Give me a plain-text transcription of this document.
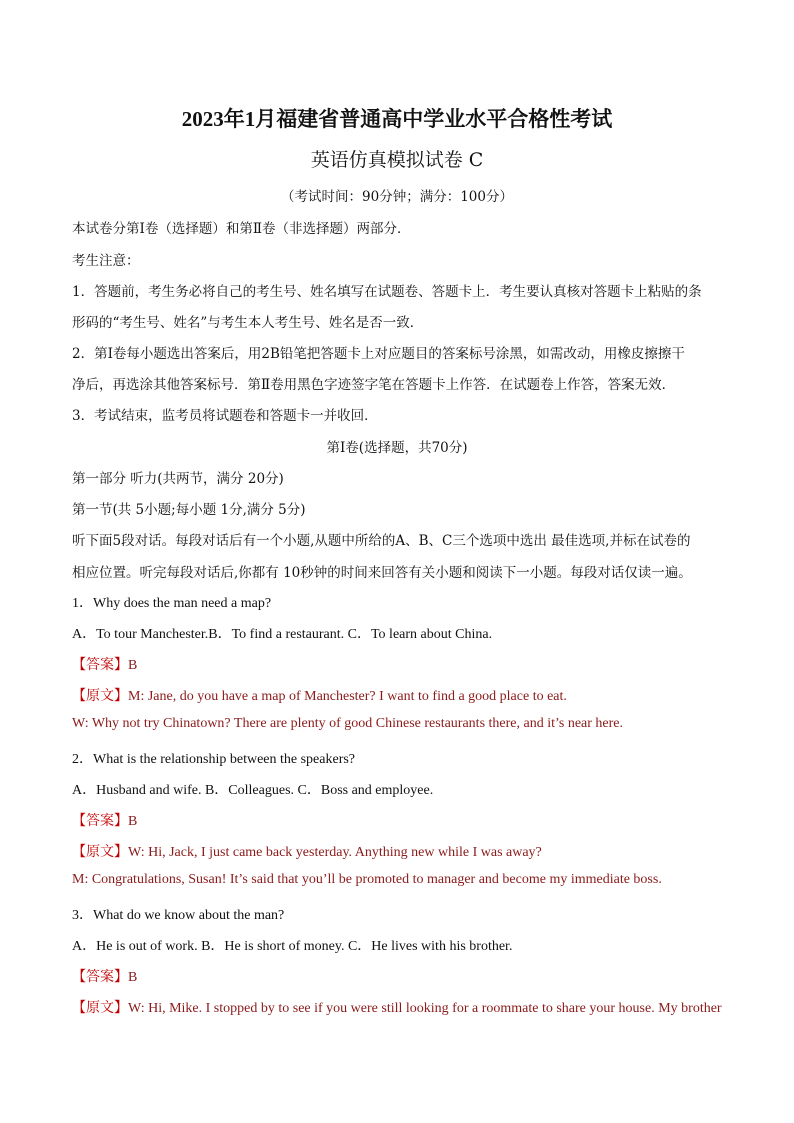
2023年1月福建省普通高中学业水平合格性考试
英语仿真模拟试卷 C
（考试时间：90分钟；满分：100分）
本试卷分第Ⅰ卷（选择题）和第Ⅱ卷（非选择题）两部分．
考生注意：
1．答题前，考生务必将自己的考生号、姓名填写在试题卷、答题卡上．考生要认真核对答题卡上粘贴的条
形码的“考生号、姓名”与考生本人考生号、姓名是否一致．
2．第Ⅰ卷每小题选出答案后，用2B铅笔把答题卡上对应题目的答案标号涂黑，如需改动，用橡皮擦擦干
净后，再选涂其他答案标号．第Ⅱ卷用黑色字迹签字笔在答题卡上作答．在试题卷上作答，答案无效．
3．考试结束，监考员将试题卷和答题卡一并收回．
第Ⅰ卷(选择题，共70分)
第一部分 听力(共两节，满分 20分)
第一节(共 5小题;每小题 1分,满分 5分)
听下面5段对话。每段对话后有一个小题,从题中所给的A、B、C三个选项中选出 最佳选项,并标在试卷的
相应位置。听完每段对话后,你都有 10秒钟的时间来回答有关小题和阅读下一小题。每段对话仅读一遍。
1．Why does the man need a map?
A．To tour Manchester.B．To find a restaurant. C．To learn about China.
【答案】B
【原文】M: Jane, do you have a map of Manchester? I want to find a good place to eat.
W: Why not try Chinatown? There are plenty of good Chinese restaurants there, and it’s near here.
2．What is the relationship between the speakers?
A．Husband and wife. B．Colleagues. C．Boss and employee.
【答案】B
【原文】W: Hi, Jack, I just came back yesterday. Anything new while I was away?
M: Congratulations, Susan! It’s said that you’ll be promoted to manager and become my immediate boss.
3．What do we know about the man?
A．He is out of work. B．He is short of money. C．He lives with his brother.
【答案】B
【原文】W: Hi, Mike. I stopped by to see if you were still looking for a roommate to share your house. My brother
